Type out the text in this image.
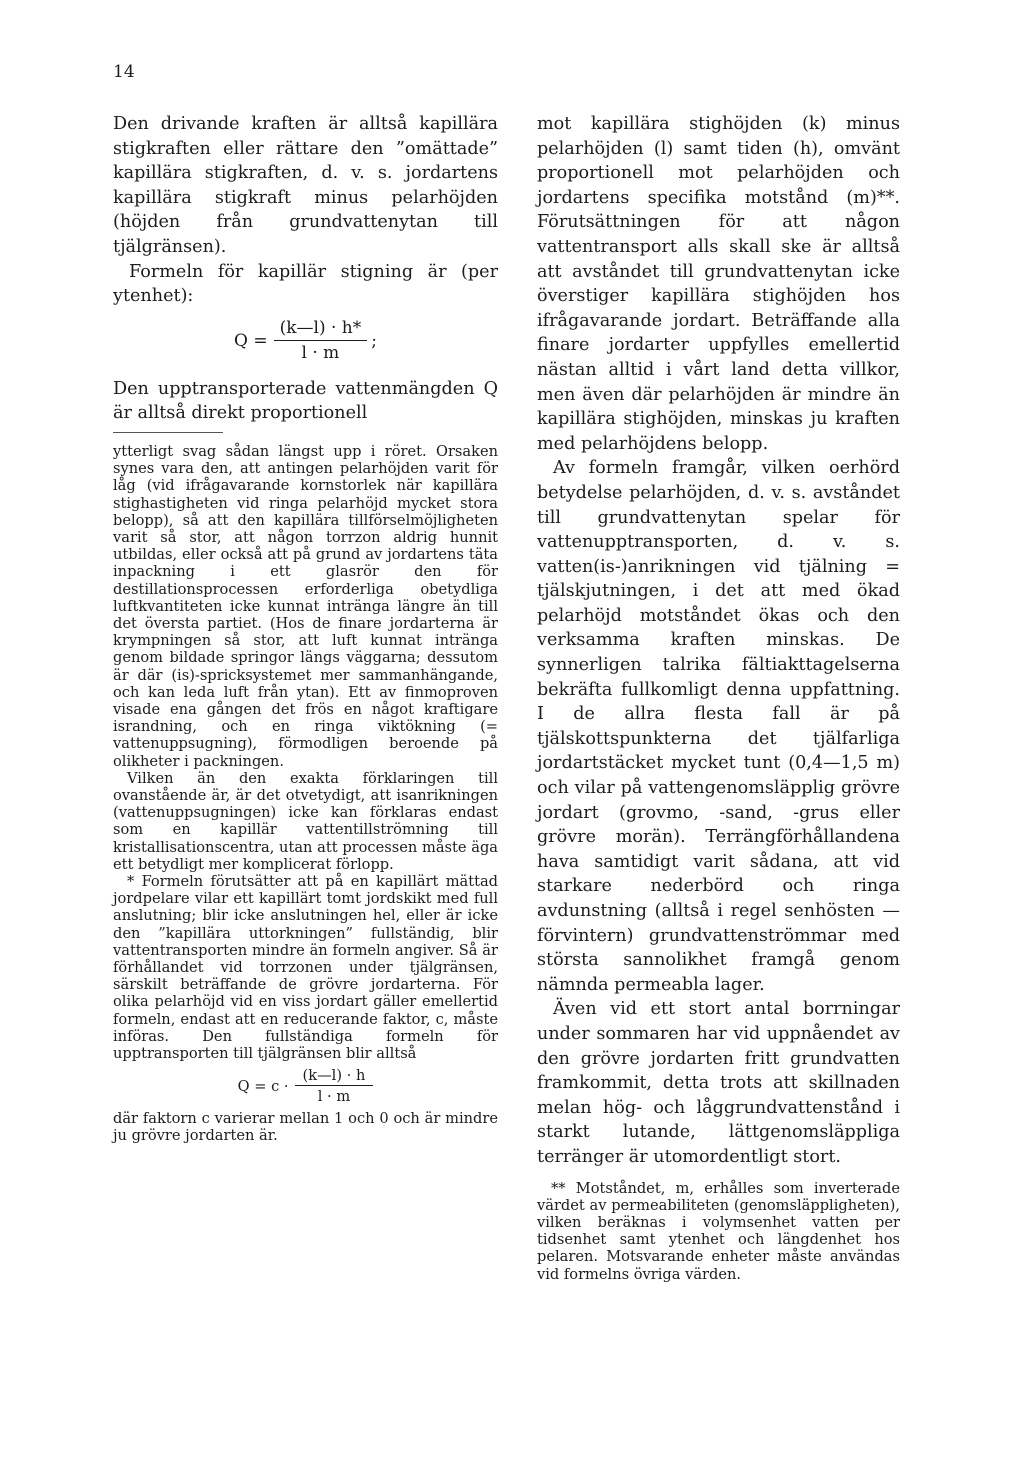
14

Den drivande kraften är alltså kapillära stigkraften eller rättare den ”omättade” kapillära stigkraften, d. v. s. jordartens kapillära stigkraft minus pelarhöjden (höjden från grundvattenytan till tjälgränsen).

Formeln för kapillär stigning är (per ytenhet):

$Q = \frac{(k—l) \cdot h*}{l \cdot m}$ ;

Den upptransporterade vattenmängden Q är alltså direkt proportionell

ytterligt svag sådan längst upp i röret. Orsaken synes vara den, att antingen pelarhöjden varit för låg (vid ifrågavarande kornstorlek när kapillära stighastigheten vid ringa pelarhöjd mycket stora belopp), så att den kapillära tillförselmöjligheten varit så stor, att någon torrzon aldrig hunnit utbildas, eller också att på grund av jordartens täta inpackning i ett glasrör den för destillationsprocessen erforderliga obetydliga luftkvantiteten icke kunnat intränga längre än till det översta partiet. (Hos de finare jordarterna är krympningen så stor, att luft kunnat intränga genom bildade springor längs väggarna; dessutom är där (is)-spricksystemet mer sammanhängande, och kan leda luft från ytan). Ett av finmoproven visade ena gången det frös en något kraftigare israndning, och en ringa viktökning (= vattenuppsugning), förmodligen beroende på olikheter i packningen.

Vilken än den exakta förklaringen till ovanstående är, är det otvetydigt, att isanrikningen (vattenuppsugningen) icke kan förklaras endast som en kapillär vattentillströmning till kristallisationscentra, utan att processen måste äga ett betydligt mer komplicerat förlopp.

* Formeln förutsätter att på en kapillärt mättad jordpelare vilar ett kapillärt tomt jordskikt med full anslutning; blir icke anslutningen hel, eller är icke den ”kapillära uttorkningen” fullständig, blir vattentransporten mindre än formeln angiver. Så är förhållandet vid torrzonen under tjälgränsen, särskilt beträffande de grövre jordarterna. För olika pelarhöjd vid en viss jordart gäller emellertid formeln, endast att en reducerande faktor, c, måste införas. Den fullständiga formeln för upptransporten till tjälgränsen blir alltså

$Q = c \cdot \frac{(k—l) \cdot h}{l \cdot m}$

där faktorn c varierar mellan 1 och 0 och är mindre ju grövre jordarten är.

mot kapillära stighöjden (k) minus pelarhöjden (l) samt tiden (h), omvänt proportionell mot pelarhöjden och jordartens specifika motstånd (m)**. Förutsättningen för att någon vattentransport alls skall ske är alltså att avståndet till grundvattenytan icke överstiger kapillära stighöjden hos ifrågavarande jordart. Beträffande alla finare jordarter uppfylles emellertid nästan alltid i vårt land detta villkor, men även där pelarhöjden är mindre än kapillära stighöjden, minskas ju kraften med pelarhöjdens belopp.

Av formeln framgår, vilken oerhörd betydelse pelarhöjden, d. v. s. avståndet till grundvattenytan spelar för vattenupptransporten, d. v. s. vatten(is-)anrikningen vid tjälning = tjälskjutningen, i det att med ökad pelarhöjd motståndet ökas och den verksamma kraften minskas. De synnerligen talrika fältiakttagelserna bekräfta fullkomligt denna uppfattning. I de allra flesta fall är på tjälskottspunkterna det tjälfarliga jordartstäcket mycket tunt (0,4—1,5 m) och vilar på vattengenomsläpplig grövre jordart (grovmo, -sand, -grus eller grövre morän). Terrängförhållandena hava samtidigt varit sådana, att vid starkare nederbörd och ringa avdunstning (alltså i regel senhösten — förvintern) grundvattenströmmar med största sannolikhet framgå genom nämnda permeabla lager.

Även vid ett stort antal borrningar under sommaren har vid uppnåendet av den grövre jordarten fritt grundvatten framkommit, detta trots att skillnaden melan hög- och låggrundvattenstånd i starkt lutande, lättgenomsläppliga terränger är utomordentligt stort.

** Motståndet, m, erhålles som inverterade värdet av permeabiliteten (genomsläppligheten), vilken beräknas i volymsenhet vatten per tidsenhet samt ytenhet och längdenhet hos pelaren. Motsvarande enheter måste användas vid formelns övriga värden.
